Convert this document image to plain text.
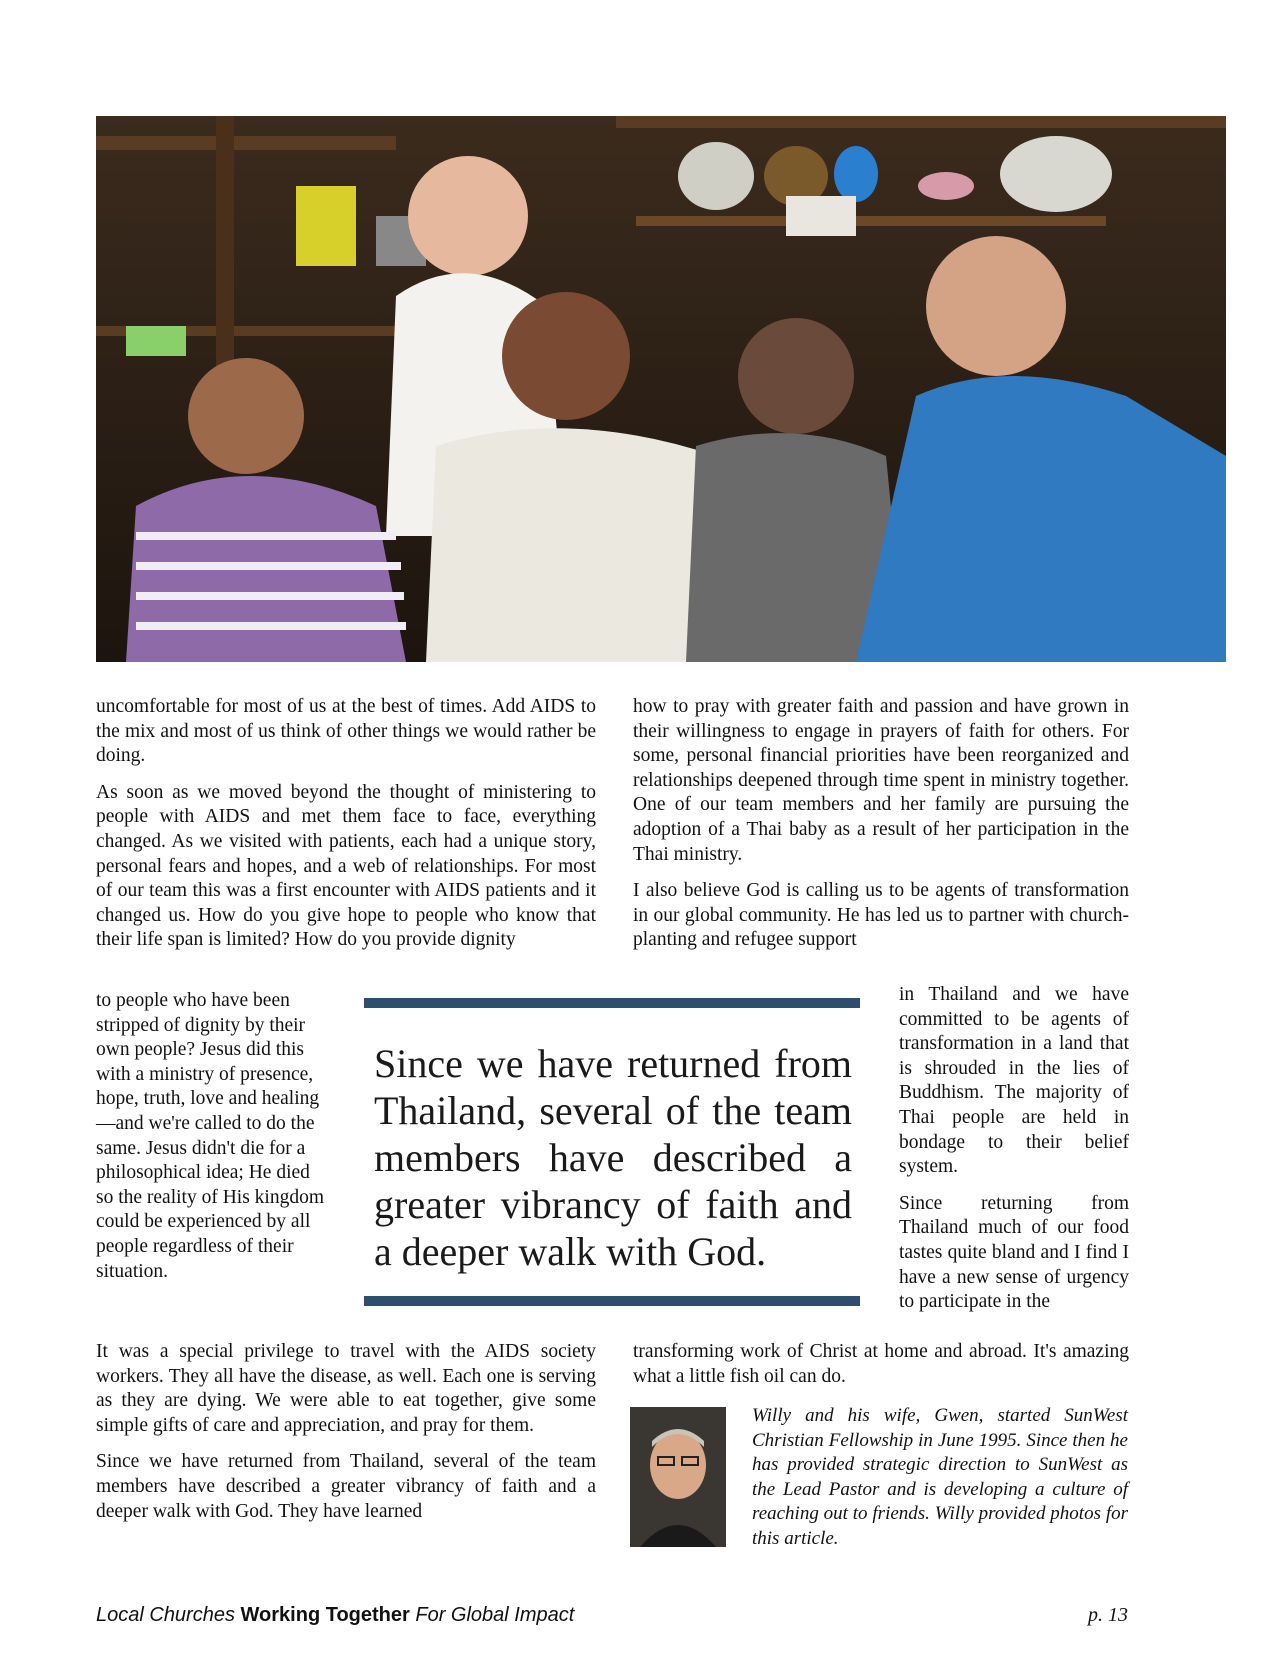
uncomfortable for most of us at the best of times. Add AIDS to the mix and most of us think of other things we would rather be doing.

As soon as we moved beyond the thought of ministering to people with AIDS and met them face to face, everything changed. As we visited with patients, each had a unique story, personal fears and hopes, and a web of relationships. For most of our team this was a first encounter with AIDS patients and it changed us. How do you give hope to people who know that their life span is limited? How do you provide dignity

to people who have been stripped of dignity by their own people? Jesus did this with a ministry of presence, hope, truth, love and healing—and we're called to do the same. Jesus didn't die for a philosophical idea; He died so the reality of His kingdom could be experienced by all people regardless of their situation.

Since we have returned from Thailand, several of the team members have described a greater vibrancy of faith and a deeper walk with God.

how to pray with greater faith and passion and have grown in their willingness to engage in prayers of faith for others. For some, personal financial priorities have been reorganized and relationships deepened through time spent in ministry together. One of our team members and her family are pursuing the adoption of a Thai baby as a result of her participation in the Thai ministry.

I also believe God is calling us to be agents of transformation in our global community. He has led us to partner with church-planting and refugee support

in Thailand and we have committed to be agents of transformation in a land that is shrouded in the lies of Buddhism. The majority of Thai people are held in bondage to their belief system.

Since returning from Thailand much of our food tastes quite bland and I find I have a new sense of urgency to participate in the

It was a special privilege to travel with the AIDS society workers. They all have the disease, as well. Each one is serving as they are dying. We were able to eat together, give some simple gifts of care and appreciation, and pray for them.

Since we have returned from Thailand, several of the team members have described a greater vibrancy of faith and a deeper walk with God. They have learned

transforming work of Christ at home and abroad. It's amazing what a little fish oil can do.

Willy and his wife, Gwen, started SunWest Christian Fellowship in June 1995. Since then he has provided strategic direction to SunWest as the Lead Pastor and is developing a culture of reaching out to friends. Willy provided photos for this article.
Local Churches Working Together For Global Impact	p. 13
